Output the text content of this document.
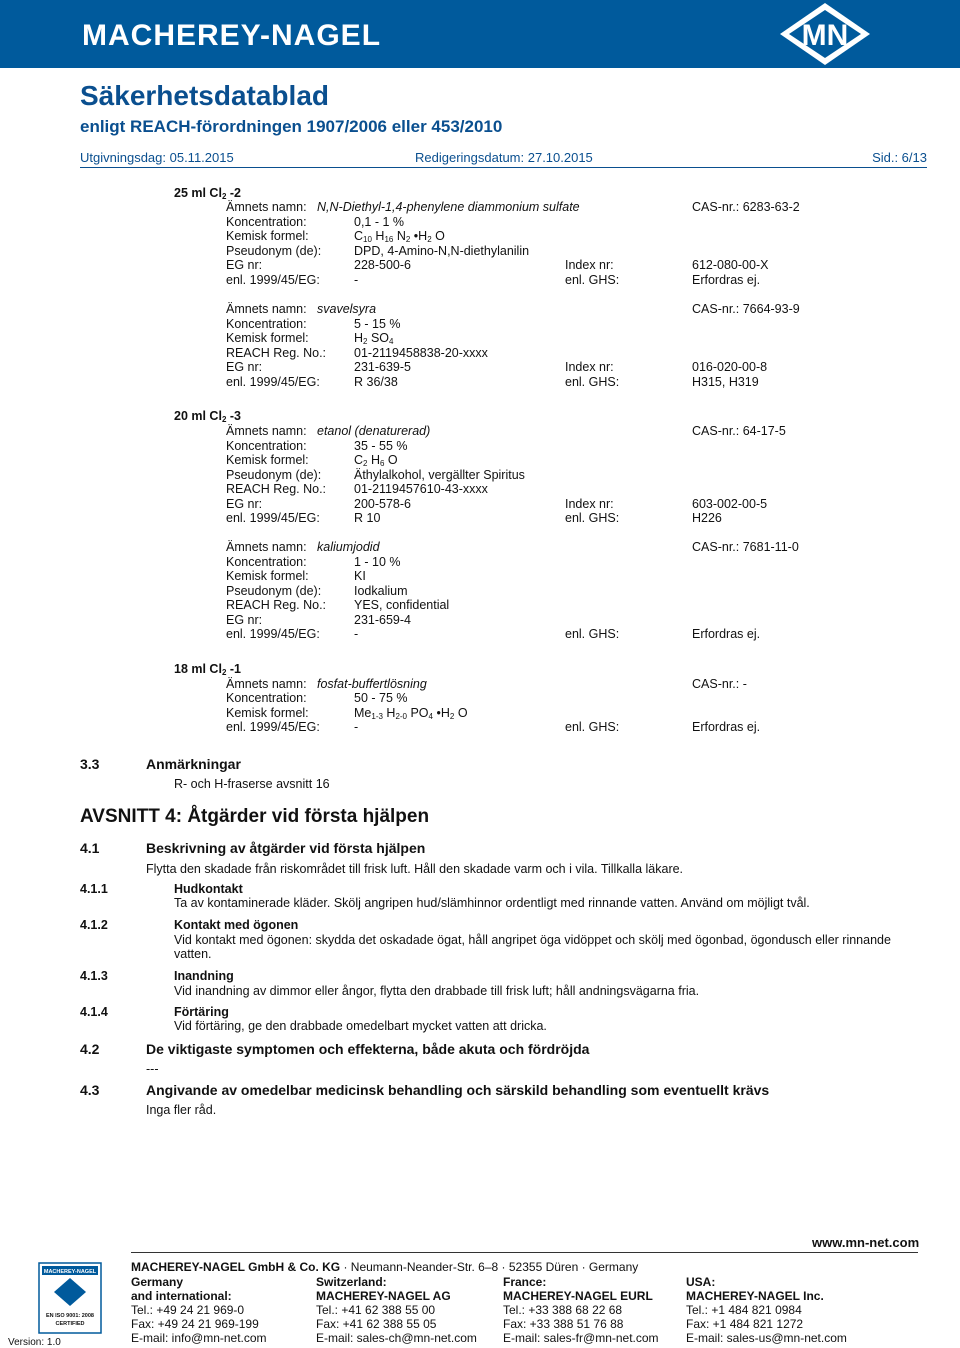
MACHEREY-NAGEL	MN
Säkerhetsdatablad
enligt REACH-förordningen 1907/2006 eller 453/2010
Utgivningsdag: 05.11.2015	Redigeringsdatum: 27.10.2015	Sid.: 6/13
25 ml $Cl_2$ -2
Ämnets namn: N,N-Diethyl-1,4-phenylene diammonium sulfate	CAS-nr.: 6283-63-2
Koncentration:	0,1 - 1 %
Kemisk formel:	$C_{10}$ $H_{16}$ $N_2$ $•H_2$ O
Pseudonym (de):	DPD, 4-Amino-N,N-diethylanilin
EG nr:	228-500-6	Index nr:	612-080-00-X
enl. 1999/45/EG:	-	enl. GHS:	Erfordras ej.
Ämnets namn: svavelsyra	CAS-nr.: 7664-93-9
Koncentration:	5 - 15 %
Kemisk formel:	$H_2$ $SO_4$
REACH Reg. No.: 01-2119458838-20-xxxx
EG nr:	231-639-5	Index nr:	016-020-00-8
enl. 1999/45/EG:	R 36/38	enl. GHS:	H315, H319
20 ml $Cl_2$ -3
Ämnets namn: etanol (denaturerad)	CAS-nr.: 64-17-5
Koncentration:	35 - 55 %
Kemisk formel:	$C_2$ $H_6$ O
Pseudonym (de):	Äthylalkohol, vergällter Spiritus
REACH Reg. No.: 01-2119457610-43-xxxx
EG nr:	200-578-6	Index nr:	603-002-00-5
enl. 1999/45/EG:	R 10	enl. GHS:	H226
Ämnets namn: kaliumjodid	CAS-nr.: 7681-11-0
Koncentration:	1 - 10 %
Kemisk formel:	KI
Pseudonym (de):	Iodkalium
REACH Reg. No.: YES, confidential
EG nr:	231-659-4
enl. 1999/45/EG:	-	enl. GHS:	Erfordras ej.
18 ml $Cl_2$ -1
Ämnets namn: fosfat-buffertlösning	CAS-nr.: -
Koncentration:	50 - 75 %
Kemisk formel:	$Me_{1-3}$ $H_{2-0}$ $PO_4$ $•H_2$ O
enl. 1999/45/EG:	-	enl. GHS:	Erfordras ej.
3.3	Anmärkningar
R- och H-fraserse avsnitt 16
AVSNITT 4: Åtgärder vid första hjälpen
4.1	Beskrivning av åtgärder vid första hjälpen
Flytta den skadade från riskområdet till frisk luft. Håll den skadade varm och i vila. Tillkalla läkare.
4.1.1	Hudkontakt
Ta av kontaminerade kläder. Skölj angripen hud/slämhinnor ordentligt med rinnande vatten. Använd om möjligt tvål.
4.1.2	Kontakt med ögonen
Vid kontakt med ögonen: skydda det oskadade ögat, håll angripet öga vidöppet och skölj med ögonbad, ögondusch eller rinnande
vatten.
4.1.3	Inandning
Vid inandning av dimmor eller ångor, flytta den drabbade till frisk luft; håll andningsvägarna fria.
4.1.4	Förtäring
Vid förtäring, ge den drabbade omedelbart mycket vatten att dricka.
4.2	De viktigaste symptomen och effekterna, både akuta och fördröjda
---
4.3	Angivande av omedelbar medicinsk behandling och särskild behandling som eventuellt krävs
Inga fler råd.
www.mn-net.com
MACHEREY-NAGEL
EN ISO 9001: 2008
CERTIFIED
Version: 1.0
MACHEREY-NAGEL GmbH & Co. KG · Neumann-Neander-Str. 6–8 · 52355 Düren · Germany
Germany
and international:
Tel.: +49 24 21 969-0
Fax: +49 24 21 969-199
E-mail: info@mn-net.com
Switzerland:
MACHEREY-NAGEL AG
Tel.: +41 62 388 55 00
Fax: +41 62 388 55 05
E-mail: sales-ch@mn-net.com
France:
MACHEREY-NAGEL EURL
Tel.: +33 388 68 22 68
Fax: +33 388 51 76 88
E-mail: sales-fr@mn-net.com
USA:
MACHEREY-NAGEL Inc.
Tel.: +1 484 821 0984
Fax: +1 484 821 1272
E-mail: sales-us@mn-net.com
